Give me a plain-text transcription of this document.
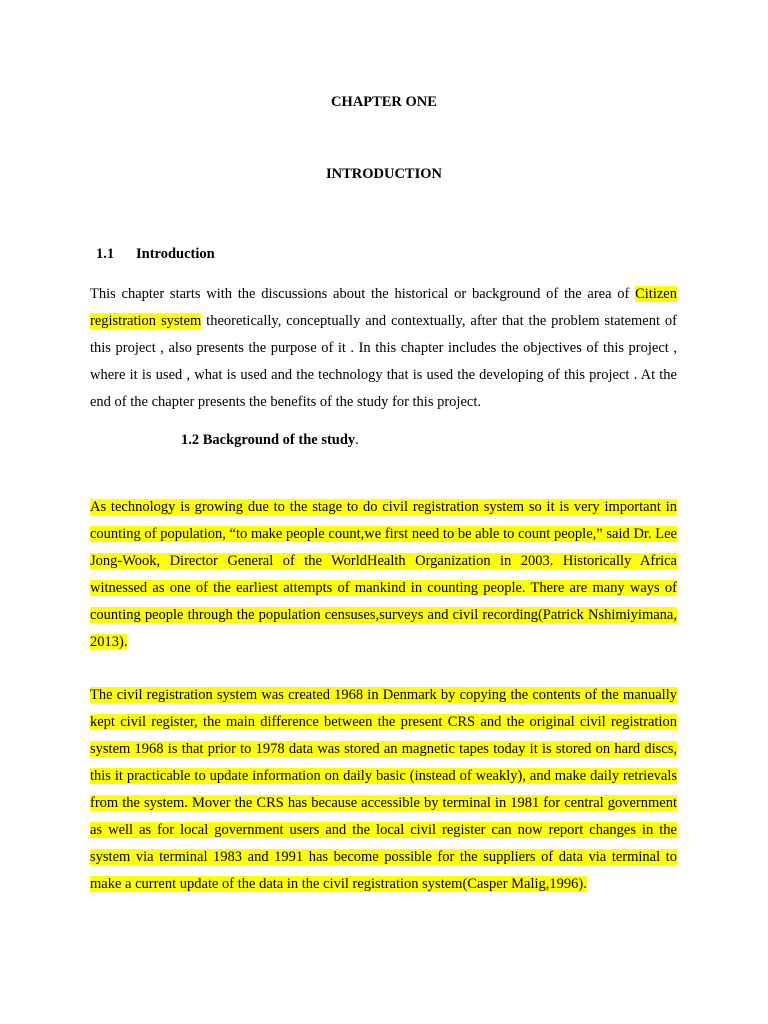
CHAPTER ONE
INTRODUCTION
1.1 Introduction

This chapter starts with the discussions about the historical or background of the area of Citizen registration system theoretically, conceptually and contextually, after that the problem statement of this project , also presents the purpose of it . In this chapter includes the objectives of this project , where it is used , what is used and the technology that is used the developing of this project . At the end of the chapter presents the benefits of the study for this project.

1.2 Background of the study.

As technology is growing due to the stage to do civil registration system so it is very important in counting of population, “to make people count,we first need to be able to count people,” said Dr. Lee Jong-Wook, Director General of the WorldHealth Organization in 2003. Historically Africa witnessed as one of the earliest attempts of mankind in counting people. There are many ways of counting people through the population censuses,surveys and civil recording(Patrick Nshimiyimana, 2013).

The civil registration system was created 1968 in Denmark by copying the contents of the manually kept civil register, the main difference between the present CRS and the original civil registration system 1968 is that prior to 1978 data was stored an magnetic tapes today it is stored on hard discs, this it practicable to update information on daily basic (instead of weakly), and make daily retrievals from the system. Mover the CRS has because accessible by terminal in 1981 for central government as well as for local government users and the local civil register can now report changes in the system via terminal 1983 and 1991 has become possible for the suppliers of data via terminal to make a current update of the data in the civil registration system(Casper Malig,1996).
